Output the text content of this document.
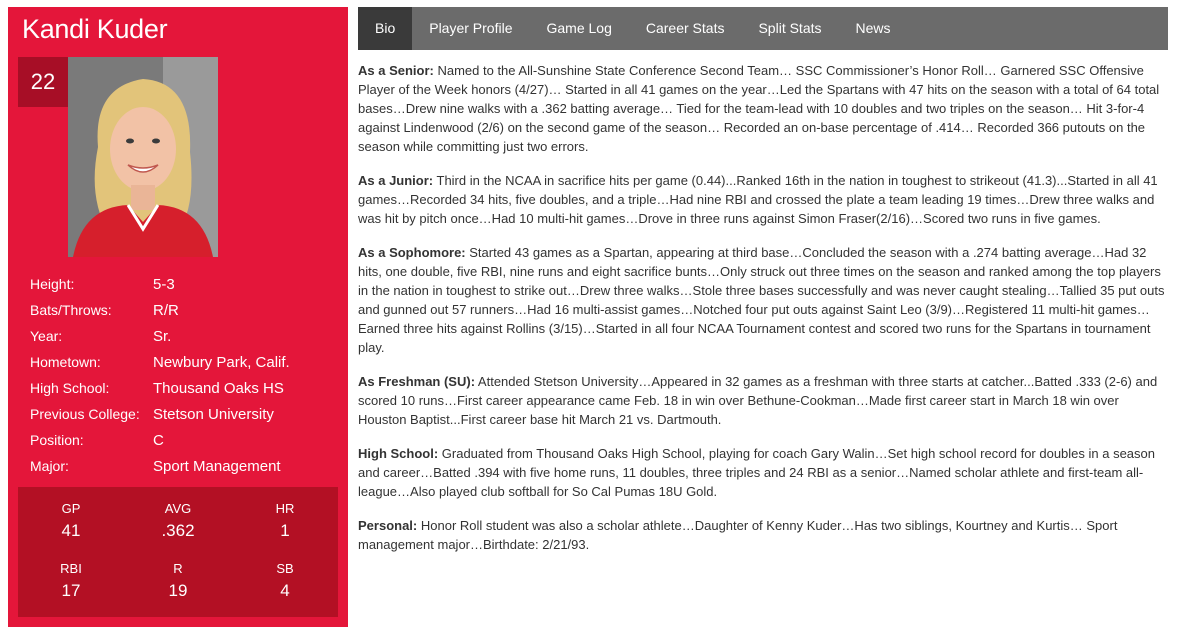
Kandi Kuder
22
Height:	5-3
Bats/Throws:	R/R
Year:	Sr.
Hometown:	Newbury Park, Calif.
High School:	Thousand Oaks HS
Previous College: Stetson University
Position:	C
Major:	Sport Management
GP
41
AVG
.362
HR
1
RBI
17
R
19
SB
4
Bio	Player Profile	Game Log	Career Stats	Split Stats	News

As a Senior: Named to the All-Sunshine State Conference Second Team… SSC Commissioner’s Honor Roll… Garnered SSC Offensive Player of the Week honors (4/27)… Started in all 41 games on the year…Led the Spartans with 47 hits on the season with a total of 64 total bases…Drew nine walks with a .362 batting average… Tied for the team-lead with 10 doubles and two triples on the season… Hit 3-for-4 against Lindenwood (2/6) on the second game of the season… Recorded an on-base percentage of .414… Recorded 366 putouts on the season while committing just two errors.

As a Junior: Third in the NCAA in sacrifice hits per game (0.44)...Ranked 16th in the nation in toughest to strikeout (41.3)...Started in all 41 games…Recorded 34 hits, five doubles, and a triple…Had nine RBI and crossed the plate a team leading 19 times…Drew three walks and was hit by pitch once…Had 10 multi-hit games…Drove in three runs against Simon Fraser(2/16)…Scored two runs in five games.

As a Sophomore: Started 43 games as a Spartan, appearing at third base…Concluded the season with a .274 batting average…Had 32 hits, one double, five RBI, nine runs and eight sacrifice bunts…Only struck out three times on the season and ranked among the top players in the nation in toughest to strike out…Drew three walks…Stole three bases successfully and was never caught stealing…Tallied 35 put outs and gunned out 57 runners…Had 16 multi-assist games…Notched four put outs against Saint Leo (3/9)…Registered 11 multi-hit games…Earned three hits against Rollins (3/15)…Started in all four NCAA Tournament contest and scored two runs for the Spartans in tournament play.

As Freshman (SU): Attended Stetson University…Appeared in 32 games as a freshman with three starts at catcher...Batted .333 (2-6) and scored 10 runs…First career appearance came Feb. 18 in win over Bethune-Cookman…Made first career start in March 18 win over Houston Baptist...First career base hit March 21 vs. Dartmouth.

High School: Graduated from Thousand Oaks High School, playing for coach Gary Walin…Set high school record for doubles in a season and career…Batted .394 with five home runs, 11 doubles, three triples and 24 RBI as a senior…Named scholar athlete and first-team all-league…Also played club softball for So Cal Pumas 18U Gold.

Personal: Honor Roll student was also a scholar athlete…Daughter of Kenny Kuder…Has two siblings, Kourtney and Kurtis… Sport management major…Birthdate: 2/21/93.
